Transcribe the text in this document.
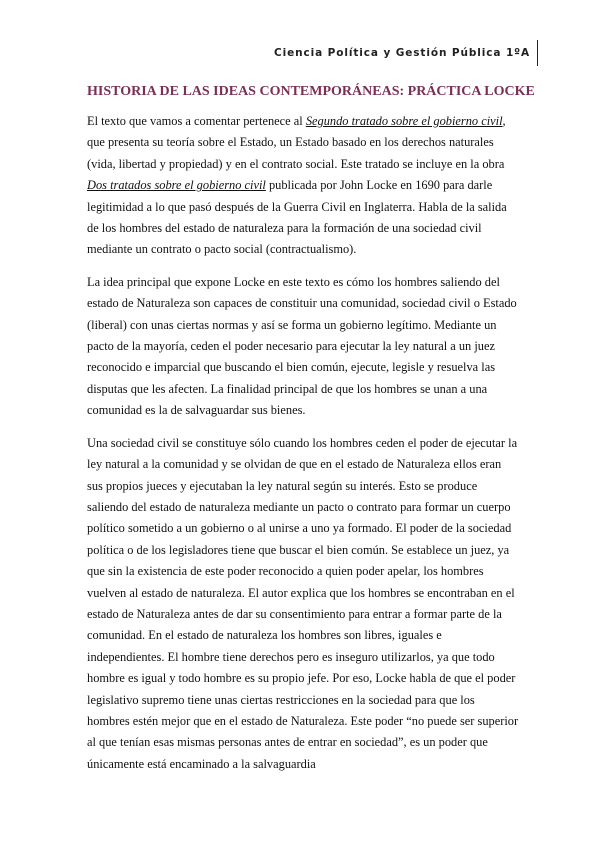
Ciencia Política y Gestión Pública 1ºA
HISTORIA DE LAS IDEAS CONTEMPORÁNEAS: PRÁCTICA LOCKE

El texto que vamos a comentar pertenece al Segundo tratado sobre el gobierno civil, que presenta su teoría sobre el Estado, un Estado basado en los derechos naturales (vida, libertad y propiedad) y en el contrato social. Este tratado se incluye en la obra Dos tratados sobre el gobierno civil publicada por John Locke en 1690 para darle legitimidad a lo que pasó después de la Guerra Civil en Inglaterra. Habla de la salida de los hombres del estado de naturaleza para la formación de una sociedad civil mediante un contrato o pacto social (contractualismo).

La idea principal que expone Locke en este texto es cómo los hombres saliendo del estado de Naturaleza son capaces de constituir una comunidad, sociedad civil o Estado (liberal) con unas ciertas normas y así se forma un gobierno legítimo. Mediante un pacto de la mayoría, ceden el poder necesario para ejecutar la ley natural a un juez reconocido e imparcial que buscando el bien común, ejecute, legisle y resuelva las disputas que les afecten. La finalidad principal de que los hombres se unan a una comunidad es la de salvaguardar sus bienes.

Una sociedad civil se constituye sólo cuando los hombres ceden el poder de ejecutar la ley natural a la comunidad y se olvidan de que en el estado de Naturaleza ellos eran sus propios jueces y ejecutaban la ley natural según su interés. Esto se produce saliendo del estado de naturaleza mediante un pacto o contrato para formar un cuerpo político sometido a un gobierno o al unirse a uno ya formado. El poder de la sociedad política o de los legisladores tiene que buscar el bien común. Se establece un juez, ya que sin la existencia de este poder reconocido a quien poder apelar, los hombres vuelven al estado de naturaleza. El autor explica que los hombres se encontraban en el estado de Naturaleza antes de dar su consentimiento para entrar a formar parte de la comunidad. En el estado de naturaleza los hombres son libres, iguales e independientes. El hombre tiene derechos pero es inseguro utilizarlos, ya que todo hombre es igual y todo hombre es su propio jefe. Por eso, Locke habla de que el poder legislativo supremo tiene unas ciertas restricciones en la sociedad para que los hombres estén mejor que en el estado de Naturaleza. Este poder “no puede ser superior al que tenían esas mismas personas antes de entrar en sociedad”, es un poder que únicamente está encaminado a la salvaguardia
